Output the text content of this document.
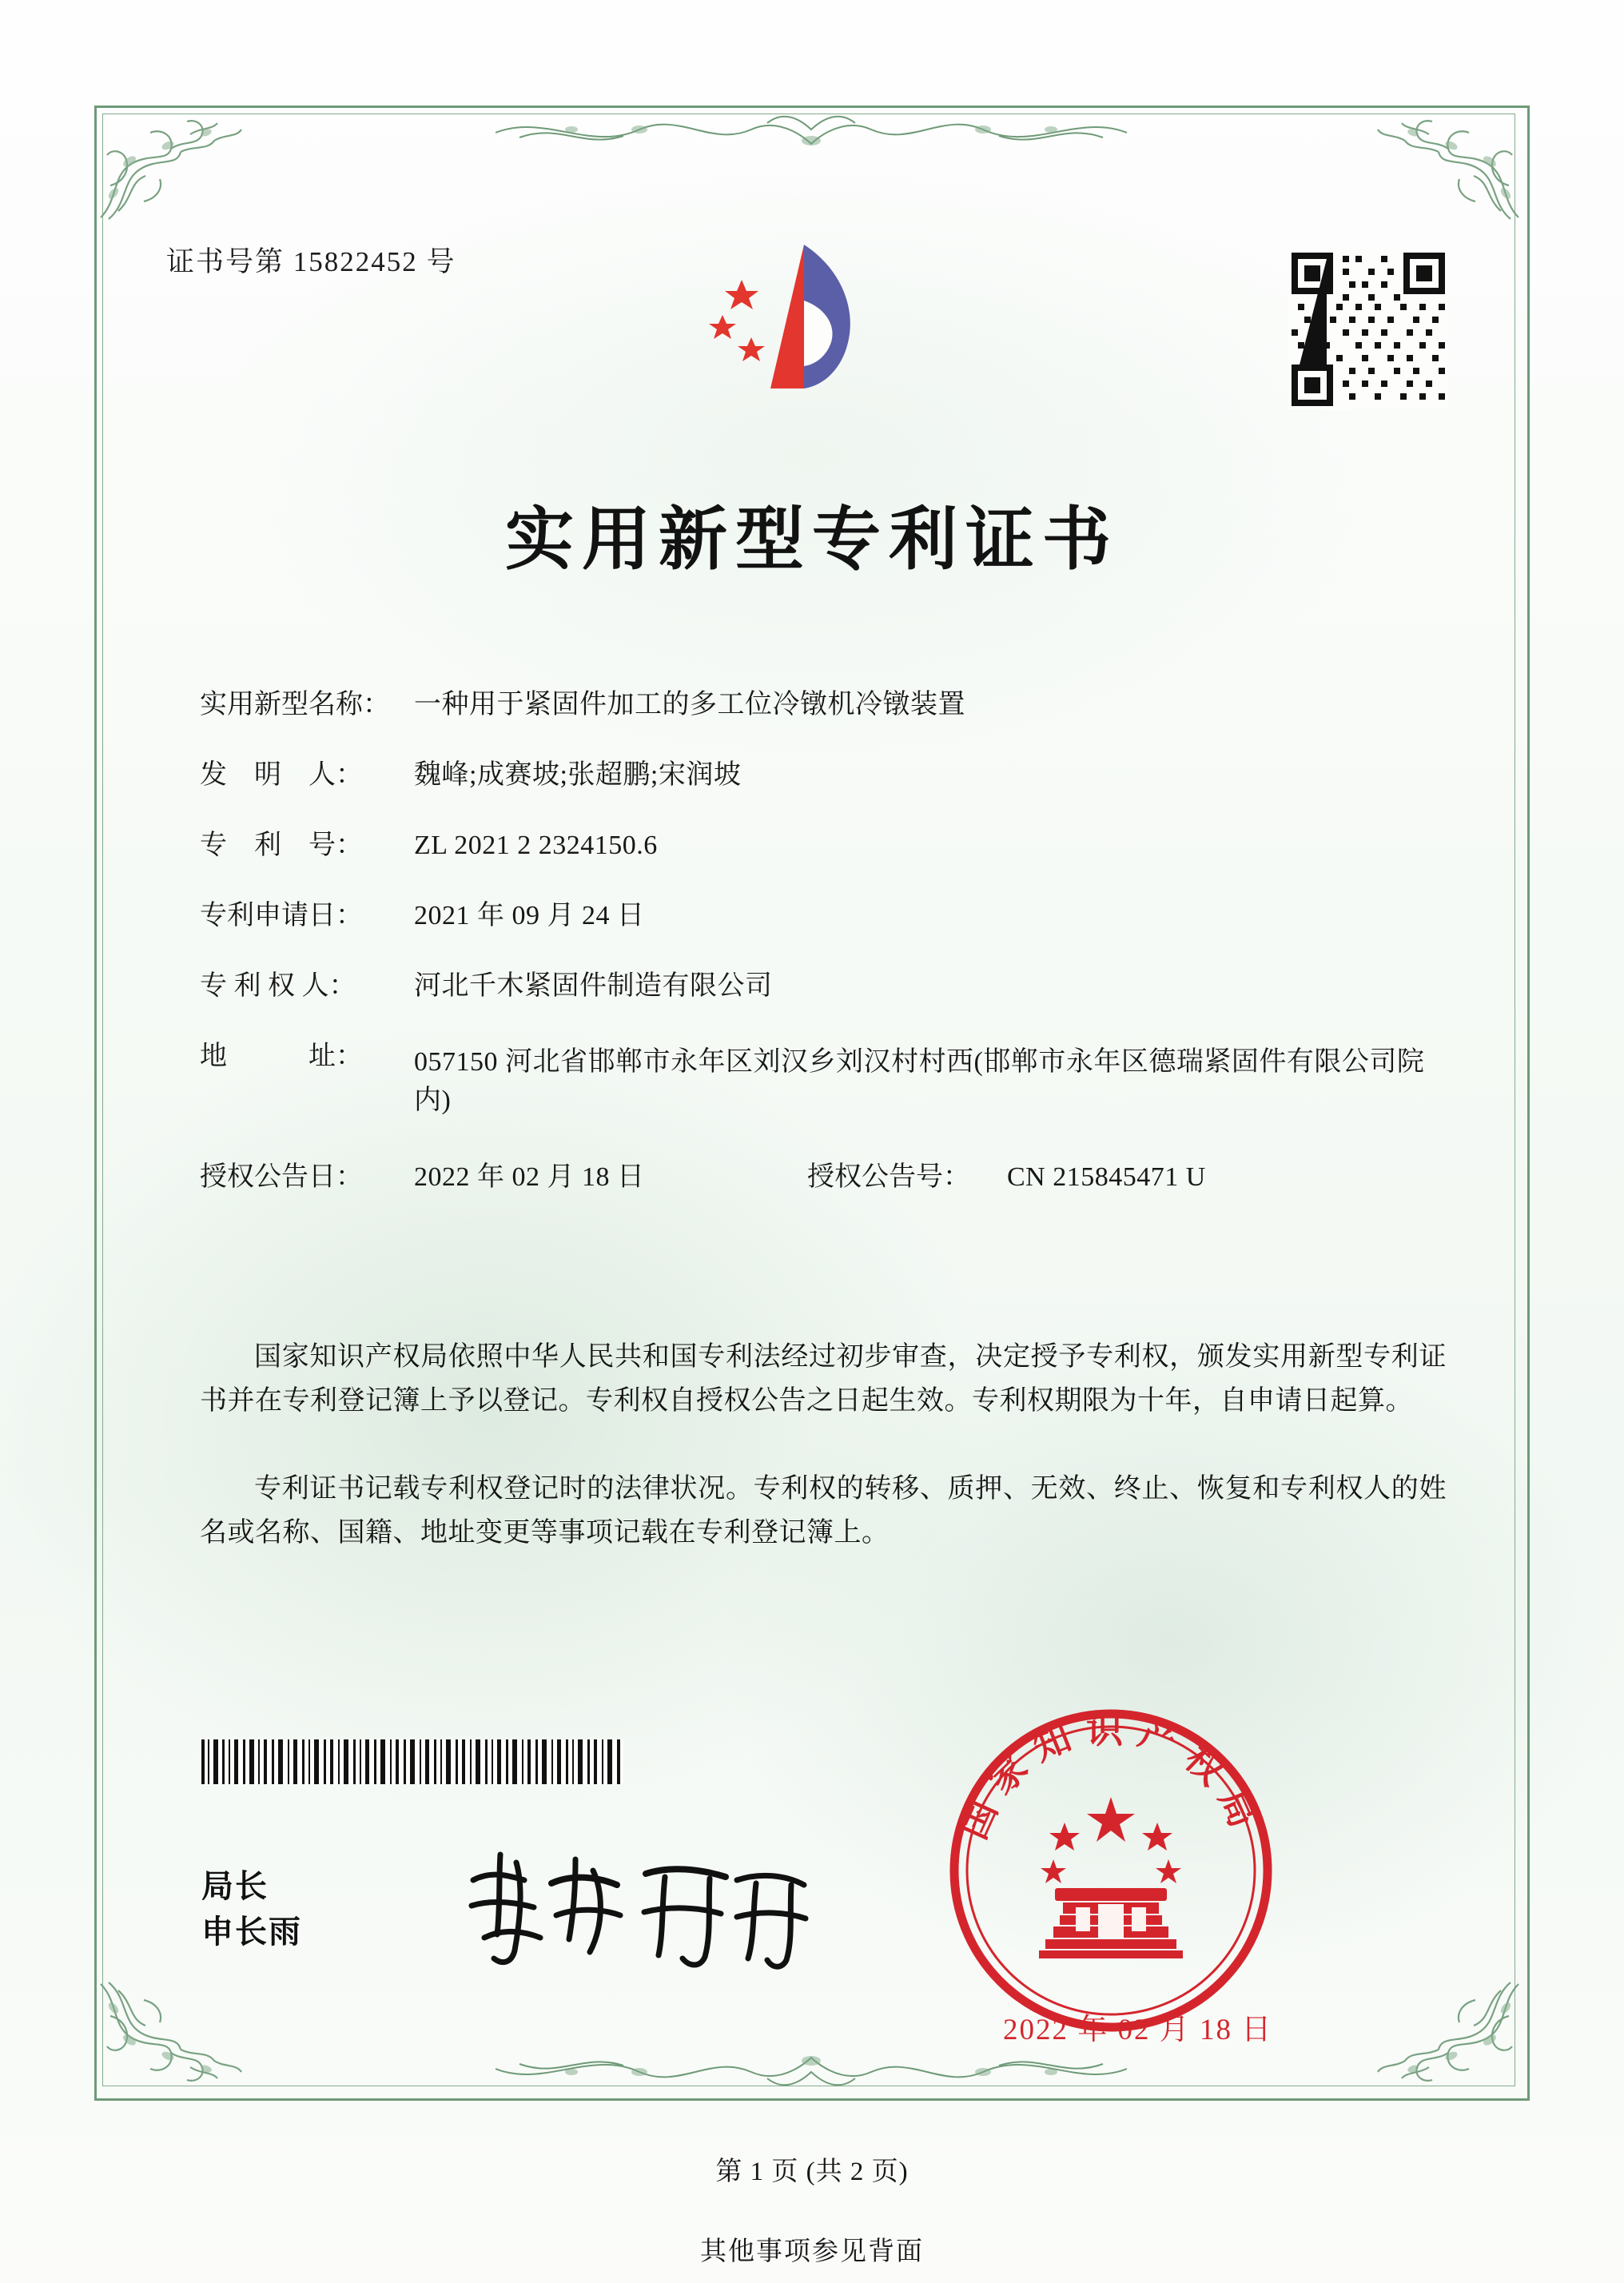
证书号第 15822452 号
实用新型专利证书
实用新型名称： 一种用于紧固件加工的多工位冷镦机冷镦装置
发　明　人：	魏峰;成赛坡;张超鹏;宋润坡
专　利　号：	ZL 2021 2 2324150.6
专利申请日：	2021 年 09 月 24 日
专 利 权 人：	河北千木紧固件制造有限公司
地　　　址：	057150 河北省邯郸市永年区刘汉乡刘汉村村西(邯郸市永年区德瑞紧固件有限公司院内)
授权公告日：	2022 年 02 月 18 日	授权公告号：	CN 215845471 U
国家知识产权局依照中华人民共和国专利法经过初步审查，决定授予专利权，颁发实用新型专利证书并在专利登记簿上予以登记。专利权自授权公告之日起生效。专利权期限为十年，自申请日起算。
专利证书记载专利权登记时的法律状况。专利权的转移、质押、无效、终止、恢复和专利权人的姓名或名称、国籍、地址变更等事项记载在专利登记簿上。
局长
申长雨
国家知识产权局
2022 年 02 月 18 日
第 1 页 (共 2 页)
其他事项参见背面
